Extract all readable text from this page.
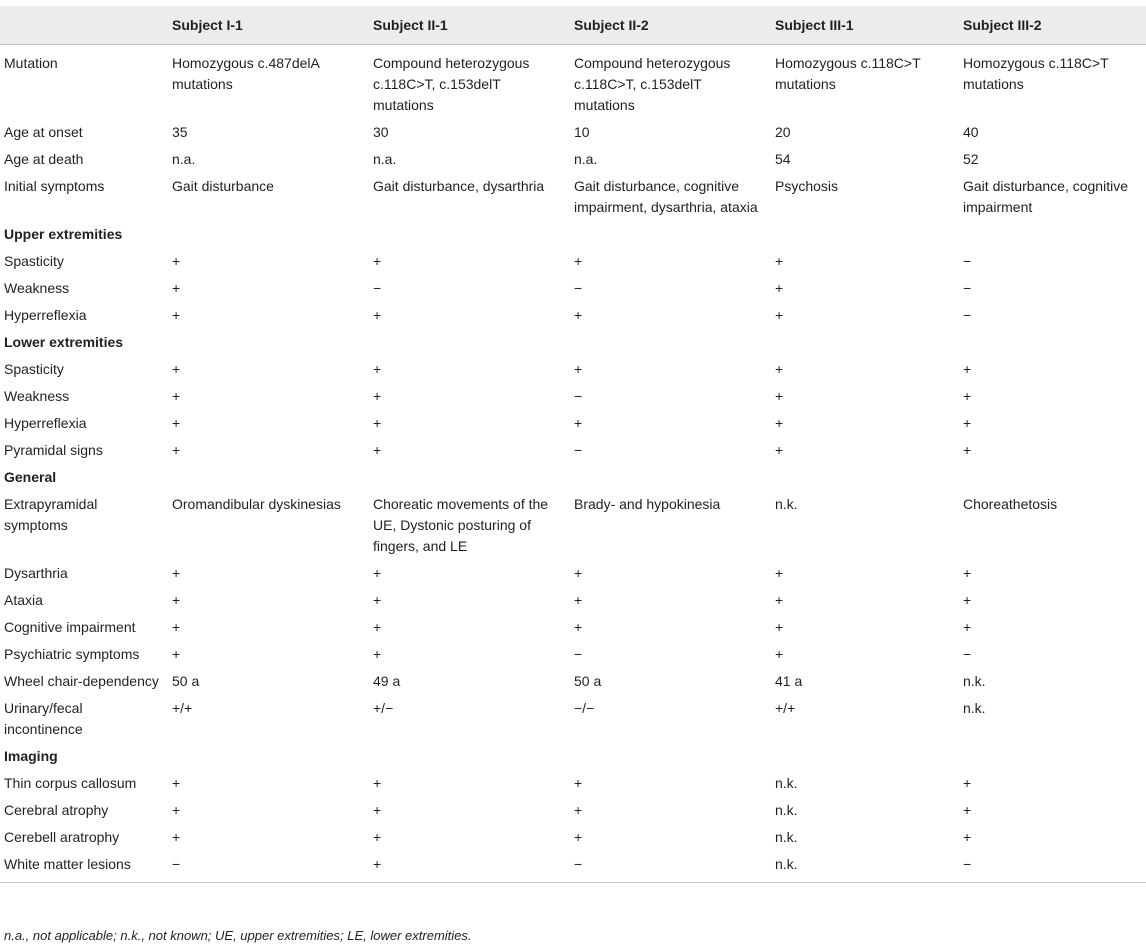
	Subject I-1	Subject II-1	Subject II-2	Subject III-1	Subject III-2
Mutation	Homozygous c.487delA mutations	Compound heterozygous c.118C>T, c.153delT mutations	Compound heterozygous c.118C>T, c.153delT mutations	Homozygous c.118C>T mutations	Homozygous c.118C>T mutations
Age at onset	35	30	10	20	40
Age at death	n.a.	n.a.	n.a.	54	52
Initial symptoms	Gait disturbance	Gait disturbance, dysarthria	Gait disturbance, cognitive impairment, dysarthria, ataxia	Psychosis	Gait disturbance, cognitive impairment
Upper extremities					
Spasticity	+	+	+	+	−
Weakness	+	−	−	+	−
Hyperreflexia	+	+	+	+	−
Lower extremities					
Spasticity	+	+	+	+	+
Weakness	+	+	−	+	+
Hyperreflexia	+	+	+	+	+
Pyramidal signs	+	+	−	+	+
General					
Extrapyramidal symptoms	Oromandibular dyskinesias	Choreatic movements of the UE, Dystonic posturing of fingers, and LE	Brady- and hypokinesia	n.k.	Choreathetosis
Dysarthria	+	+	+	+	+
Ataxia	+	+	+	+	+
Cognitive impairment	+	+	+	+	+
Psychiatric symptoms	+	+	−	+	−
Wheel chair-dependency	50 a	49 a	50 a	41 a	n.k.
Urinary/fecal incontinence	+/+	+/−	−/−	+/+	n.k.
Imaging					
Thin corpus callosum	+	+	+	n.k.	+
Cerebral atrophy	+	+	+	n.k.	+
Cerebell aratrophy	+	+	+	n.k.	+
White matter lesions	−	+	−	n.k.	−
n.a., not applicable; n.k., not known; UE, upper extremities; LE, lower extremities.
